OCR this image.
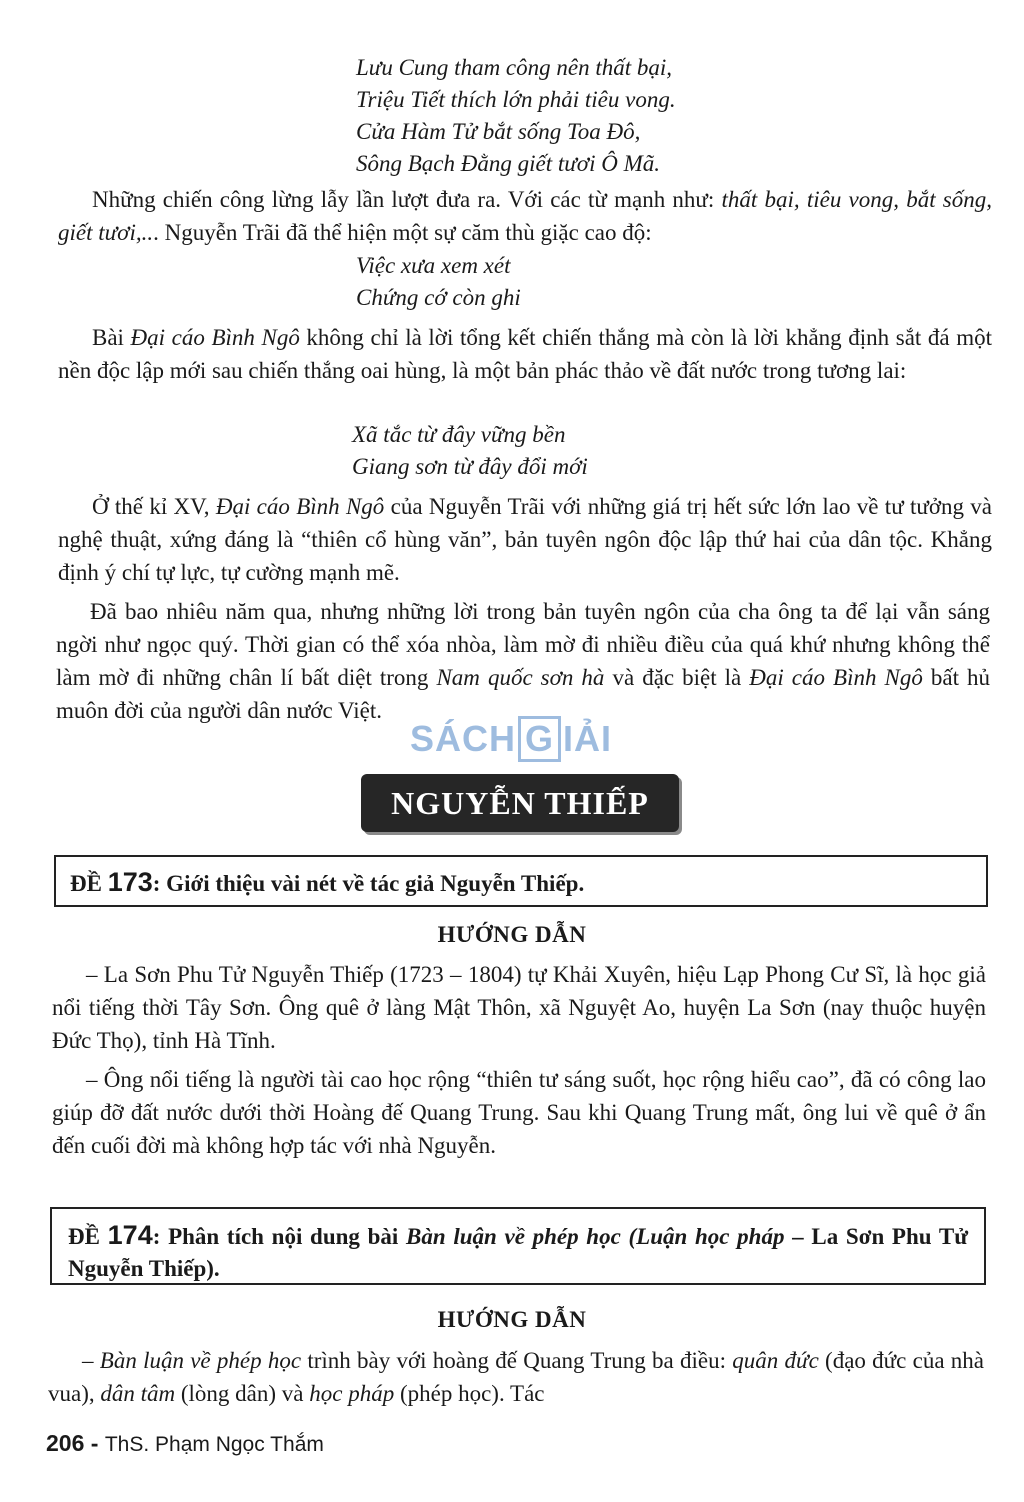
Lưu Cung tham công nên thất bại,
Triệu Tiết thích lớn phải tiêu vong.
Cửa Hàm Tử bắt sống Toa Đô,
Sông Bạch Đằng giết tươi Ô Mã.
Những chiến công lừng lẫy lần lượt đưa ra. Với các từ mạnh như: thất bại, tiêu vong, bắt sống, giết tươi,... Nguyễn Trãi đã thể hiện một sự căm thù giặc cao độ:
Việc xưa xem xét
Chứng cớ còn ghi
Bài Đại cáo Bình Ngô không chỉ là lời tổng kết chiến thắng mà còn là lời khẳng định sắt đá một nền độc lập mới sau chiến thắng oai hùng, là một bản phác thảo về đất nước trong tương lai:
Xã tắc từ đây vững bền
Giang sơn từ đây đổi mới
Ở thế kỉ XV, Đại cáo Bình Ngô của Nguyễn Trãi với những giá trị hết sức lớn lao về tư tưởng và nghệ thuật, xứng đáng là “thiên cổ hùng văn”, bản tuyên ngôn độc lập thứ hai của dân tộc. Khẳng định ý chí tự lực, tự cường mạnh mẽ.
Đã bao nhiêu năm qua, nhưng những lời trong bản tuyên ngôn của cha ông ta để lại vẫn sáng ngời như ngọc quý. Thời gian có thể xóa nhòa, làm mờ đi nhiều điều của quá khứ nhưng không thể làm mờ đi những chân lí bất diệt trong Nam quốc sơn hà và đặc biệt là Đại cáo Bình Ngô bất hủ muôn đời của người dân nước Việt.
SÁCH G IẢI
NGUYỄN THIẾP
ĐỀ 173: Giới thiệu vài nét về tác giả Nguyễn Thiếp.
HƯỚNG DẪN
– La Sơn Phu Tử Nguyễn Thiếp (1723 – 1804) tự Khải Xuyên, hiệu Lạp Phong Cư Sĩ, là học giả nổi tiếng thời Tây Sơn. Ông quê ở làng Mật Thôn, xã Nguyệt Ao, huyện La Sơn (nay thuộc huyện Đức Thọ), tỉnh Hà Tĩnh.
– Ông nổi tiếng là người tài cao học rộng “thiên tư sáng suốt, học rộng hiểu cao”, đã có công lao giúp đỡ đất nước dưới thời Hoàng đế Quang Trung. Sau khi Quang Trung mất, ông lui về quê ở ẩn đến cuối đời mà không hợp tác với nhà Nguyễn.
ĐỀ 174: Phân tích nội dung bài Bàn luận về phép học (Luận học pháp – La Sơn Phu Tử Nguyễn Thiếp).
HƯỚNG DẪN
– Bàn luận về phép học trình bày với hoàng đế Quang Trung ba điều: quân đức (đạo đức của nhà vua), dân tâm (lòng dân) và học pháp (phép học). Tác
206 - ThS. Phạm Ngọc Thắm
